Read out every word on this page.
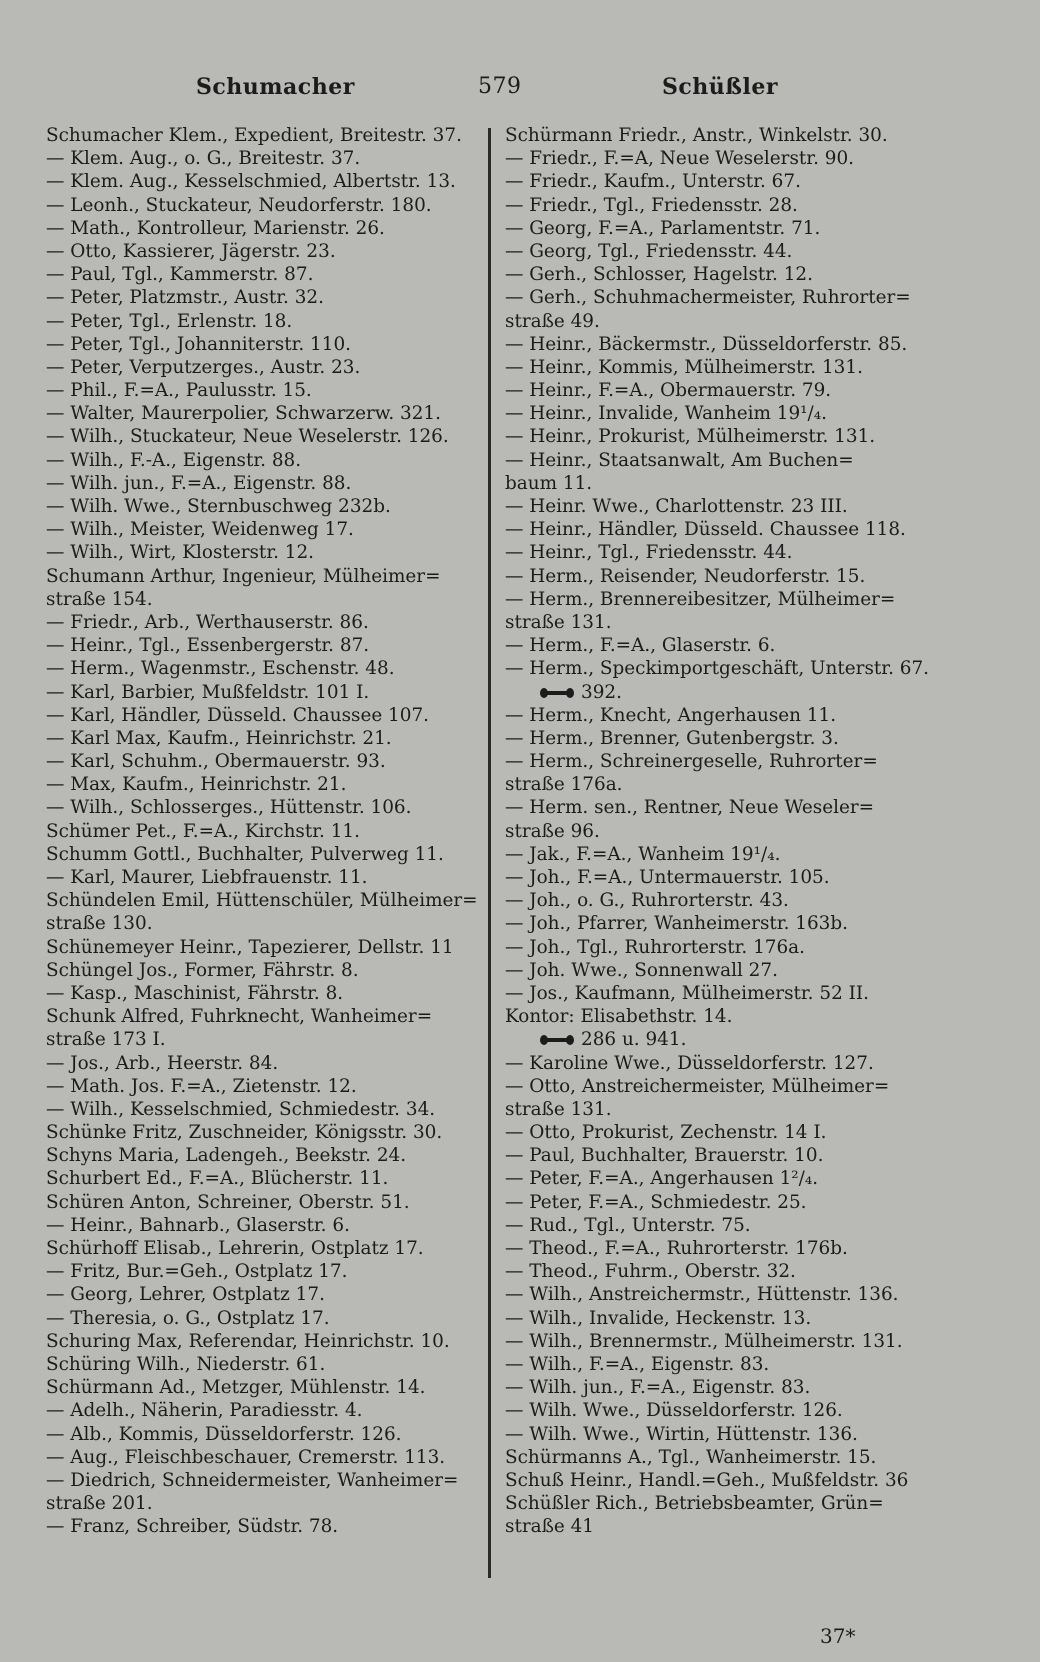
Schumacher	579	Schüßler
Schumacher Klem., Expedient, Breitestr. 37.
— Klem. Aug., o. G., Breitestr. 37.
— Klem. Aug., Kesselschmied, Albertstr. 13.
— Leonh., Stuckateur, Neudorferstr. 180.
— Math., Kontrolleur, Marienstr. 26.
— Otto, Kassierer, Jägerstr. 23.
— Paul, Tgl., Kammerstr. 87.
— Peter, Platzmstr., Austr. 32.
— Peter, Tgl., Erlenstr. 18.
— Peter, Tgl., Johanniterstr. 110.
— Peter, Verputzerges., Austr. 23.
— Phil., F.=A., Paulusstr. 15.
— Walter, Maurerpolier, Schwarzerw. 321.
— Wilh., Stuckateur, Neue Weselerstr. 126.
— Wilh., F.-A., Eigenstr. 88.
— Wilh. jun., F.=A., Eigenstr. 88.
— Wilh. Wwe., Sternbuschweg 232b.
— Wilh., Meister, Weidenweg 17.
— Wilh., Wirt, Klosterstr. 12.
Schumann Arthur, Ingenieur, Mülheimer=
straße 154.
— Friedr., Arb., Werthauserstr. 86.
— Heinr., Tgl., Essenbergerstr. 87.
— Herm., Wagenmstr., Eschenstr. 48.
— Karl, Barbier, Mußfeldstr. 101 I.
— Karl, Händler, Düsseld. Chaussee 107.
— Karl Max, Kaufm., Heinrichstr. 21.
— Karl, Schuhm., Obermauerstr. 93.
— Max, Kaufm., Heinrichstr. 21.
— Wilh., Schlosserges., Hüttenstr. 106.
Schümer Pet., F.=A., Kirchstr. 11.
Schumm Gottl., Buchhalter, Pulverweg 11.
— Karl, Maurer, Liebfrauenstr. 11.
Schündelen Emil, Hüttenschüler, Mülheimer=
straße 130.
Schünemeyer Heinr., Tapezierer, Dellstr. 11
Schüngel Jos., Former, Fährstr. 8.
— Kasp., Maschinist, Fährstr. 8.
Schunk Alfred, Fuhrknecht, Wanheimer=
straße 173 I.
— Jos., Arb., Heerstr. 84.
— Math. Jos. F.=A., Zietenstr. 12.
— Wilh., Kesselschmied, Schmiedestr. 34.
Schünke Fritz, Zuschneider, Königsstr. 30.
Schyns Maria, Ladengeh., Beekstr. 24.
Schurbert Ed., F.=A., Blücherstr. 11.
Schüren Anton, Schreiner, Oberstr. 51.
— Heinr., Bahnarb., Glaserstr. 6.
Schürhoff Elisab., Lehrerin, Ostplatz 17.
— Fritz, Bur.=Geh., Ostplatz 17.
— Georg, Lehrer, Ostplatz 17.
— Theresia, o. G., Ostplatz 17.
Schuring Max, Referendar, Heinrichstr. 10.
Schüring Wilh., Niederstr. 61.
Schürmann Ad., Metzger, Mühlenstr. 14.
— Adelh., Näherin, Paradiesstr. 4.
— Alb., Kommis, Düsseldorferstr. 126.
— Aug., Fleischbeschauer, Cremerstr. 113.
— Diedrich, Schneidermeister, Wanheimer=
straße 201.
— Franz, Schreiber, Südstr. 78.
Schürmann Friedr., Anstr., Winkelstr. 30.
— Friedr., F.=A, Neue Weselerstr. 90.
— Friedr., Kaufm., Unterstr. 67.
— Friedr., Tgl., Friedensstr. 28.
— Georg, F.=A., Parlamentstr. 71.
— Georg, Tgl., Friedensstr. 44.
— Gerh., Schlosser, Hagelstr. 12.
— Gerh., Schuhmachermeister, Ruhrorter=
straße 49.
— Heinr., Bäckermstr., Düsseldorferstr. 85.
— Heinr., Kommis, Mülheimerstr. 131.
— Heinr., F.=A., Obermauerstr. 79.
— Heinr., Invalide, Wanheim 19¹/₄.
— Heinr., Prokurist, Mülheimerstr. 131.
— Heinr., Staatsanwalt, Am Buchen=
baum 11.
— Heinr. Wwe., Charlottenstr. 23 III.
— Heinr., Händler, Düsseld. Chaussee 118.
— Heinr., Tgl., Friedensstr. 44.
— Herm., Reisender, Neudorferstr. 15.
— Herm., Brennereibesitzer, Mülheimer=
straße 131.
— Herm., F.=A., Glaserstr. 6.
— Herm., Speckimportgeschäft, Unterstr. 67.
392.
— Herm., Knecht, Angerhausen 11.
— Herm., Brenner, Gutenbergstr. 3.
— Herm., Schreinergeselle, Ruhrorter=
straße 176a.
— Herm. sen., Rentner, Neue Weseler=
straße 96.
— Jak., F.=A., Wanheim 19¹/₄.
— Joh., F.=A., Untermauerstr. 105.
— Joh., o. G., Ruhrorterstr. 43.
— Joh., Pfarrer, Wanheimerstr. 163b.
— Joh., Tgl., Ruhrorterstr. 176a.
— Joh. Wwe., Sonnenwall 27.
— Jos., Kaufmann, Mülheimerstr. 52 II.
Kontor: Elisabethstr. 14.
286 u. 941.
— Karoline Wwe., Düsseldorferstr. 127.
— Otto, Anstreichermeister, Mülheimer=
straße 131.
— Otto, Prokurist, Zechenstr. 14 I.
— Paul, Buchhalter, Brauerstr. 10.
— Peter, F.=A., Angerhausen 1²/₄.
— Peter, F.=A., Schmiedestr. 25.
— Rud., Tgl., Unterstr. 75.
— Theod., F.=A., Ruhrorterstr. 176b.
— Theod., Fuhrm., Oberstr. 32.
— Wilh., Anstreichermstr., Hüttenstr. 136.
— Wilh., Invalide, Heckenstr. 13.
— Wilh., Brennermstr., Mülheimerstr. 131.
— Wilh., F.=A., Eigenstr. 83.
— Wilh. jun., F.=A., Eigenstr. 83.
— Wilh. Wwe., Düsseldorferstr. 126.
— Wilh. Wwe., Wirtin, Hüttenstr. 136.
Schürmanns A., Tgl., Wanheimerstr. 15.
Schuß Heinr., Handl.=Geh., Mußfeldstr. 36
Schüßler Rich., Betriebsbeamter, Grün=
straße 41
37*
